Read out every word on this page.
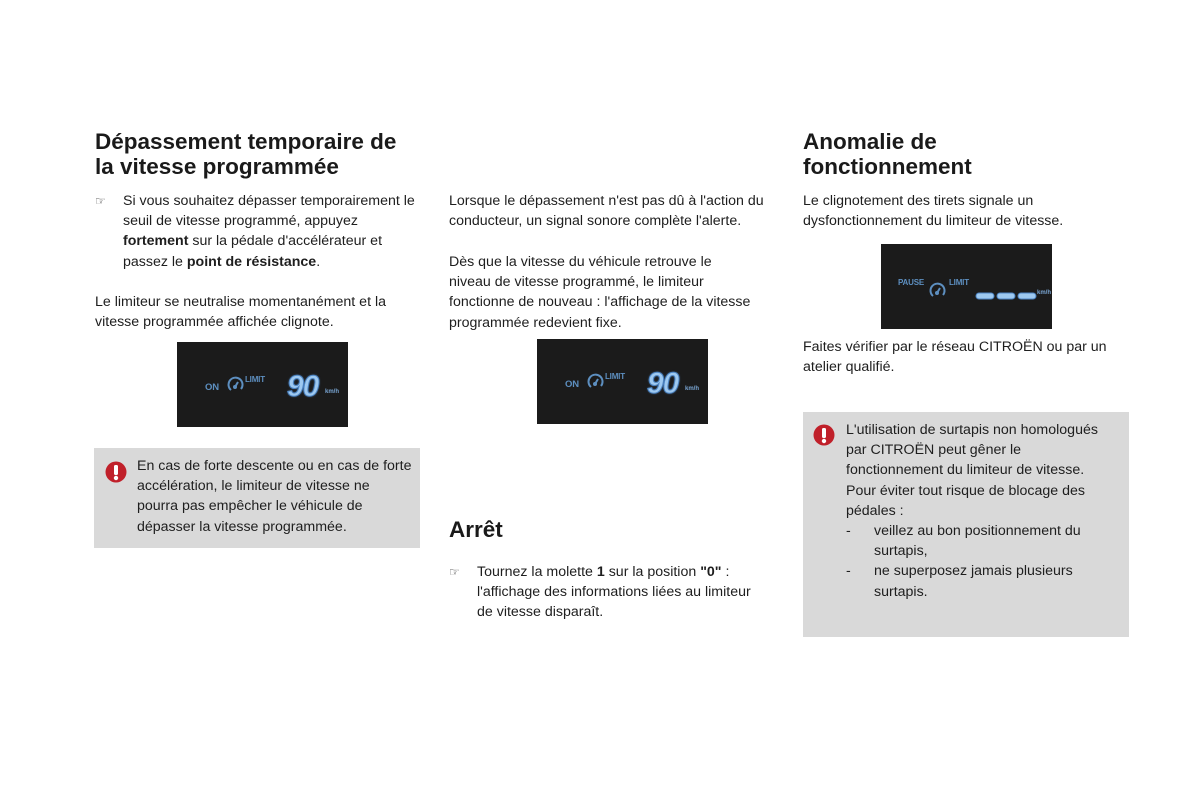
Dépassement temporaire de
la vitesse programmée
☞ Si vous souhaitez dépasser temporairement le seuil de vitesse programmé, appuyez fortement sur la pédale d'accélérateur et passez le point de résistance.
Le limiteur se neutralise momentanément et la vitesse programmée affichée clignote.
ON
LIMIT 90 km/h
En cas de forte descente ou en cas de forte accélération, le limiteur de vitesse ne pourra pas empêcher le véhicule de dépasser la vitesse programmée.
Lorsque le dépassement n'est pas dû à l'action du conducteur, un signal sonore complète l'alerte.
Dès que la vitesse du véhicule retrouve le niveau de vitesse programmé, le limiteur fonctionne de nouveau : l'affichage de la vitesse programmée redevient fixe.
ON
LIMIT 90 km/h
Arrêt
☞ Tournez la molette 1 sur la position "0" : l'affichage des informations liées au limiteur de vitesse disparaît.
Anomalie de
fonctionnement
Le clignotement des tirets signale un dysfonctionnement du limiteur de vitesse.
PAUSE	LIMIT
km/h
Faites vérifier par le réseau CITROËN ou par un atelier qualifié.
L'utilisation de surtapis non homologués par CITROËN peut gêner le fonctionnement du limiteur de vitesse.
Pour éviter tout risque de blocage des pédales :
- veillez au bon positionnement du surtapis,
- ne superposez jamais plusieurs surtapis.
